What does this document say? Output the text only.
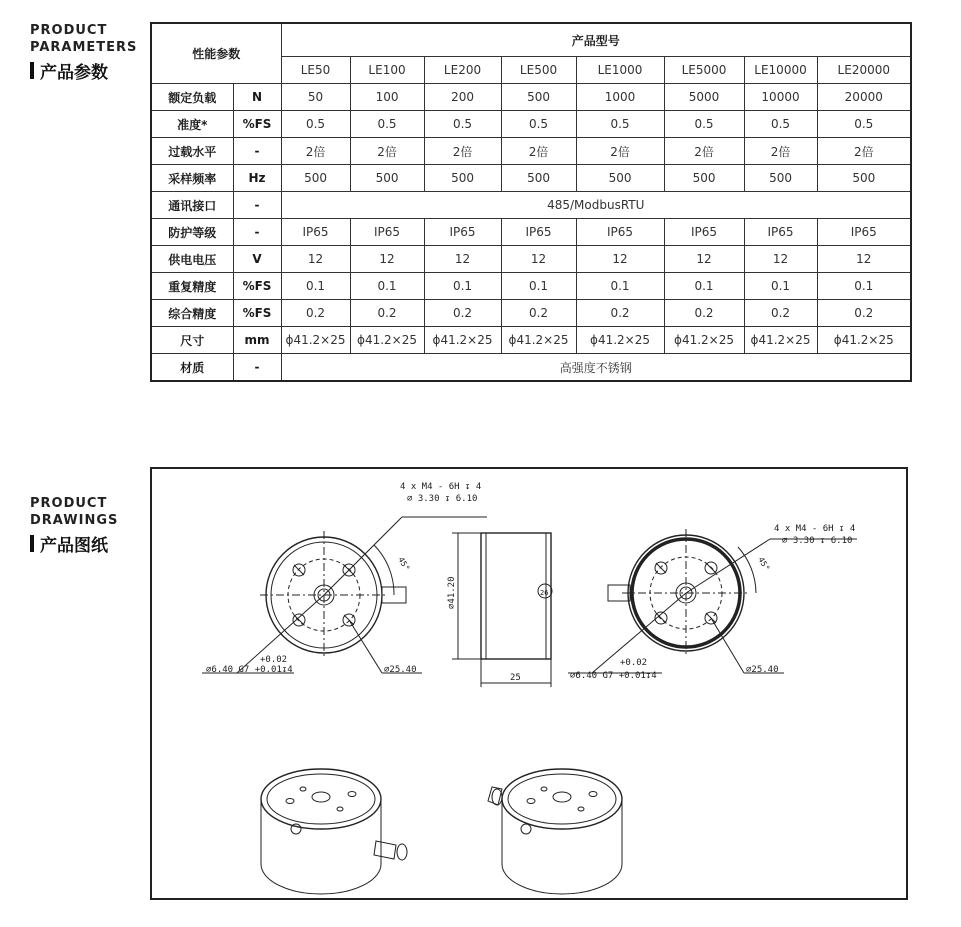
PRODUCT
PARAMETERS
产品参数
PRODUCT
DRAWINGS
产品图纸
性能参数		产品型号							
		LE50	LE100	LE200	LE500	LE1000	LE5000	LE10000	LE20000
额定负载	N	50	100	200	500	1000	5000	10000	20000
准度*	%FS	0.5	0.5	0.5	0.5	0.5	0.5	0.5	0.5
过载水平	-	2倍	2倍	2倍	2倍	2倍	2倍	2倍	2倍
采样频率	Hz	500	500	500	500	500	500	500	500
通讯接口	-	485/ModbusRTU							
防护等级	-	IP65	IP65	IP65	IP65	IP65	IP65	IP65	IP65
供电电压	V	12	12	12	12	12	12	12	12
重复精度	%FS	0.1	0.1	0.1	0.1	0.1	0.1	0.1	0.1
综合精度	%FS	0.2	0.2	0.2	0.2	0.2	0.2	0.2	0.2
尺寸	mm	ϕ41.2×25	ϕ41.2×25	ϕ41.2×25	ϕ41.2×25	ϕ41.2×25	ϕ41.2×25	ϕ41.2×25	ϕ41.2×25
材质	-	高强度不锈钢							
4 x M4 - 6H ↧ 4
⌀ 3.30 ↧ 6.10
45°
+0.02
⌀6.40 G7 +0.01↧4	⌀25.40
⌀41.20
25
26
4 x M4 - 6H ↧ 4
⌀ 3.30 ↧ 6.10
45°
+0.02
⌀6.40 G7 +0.01↧4
⌀25.40
